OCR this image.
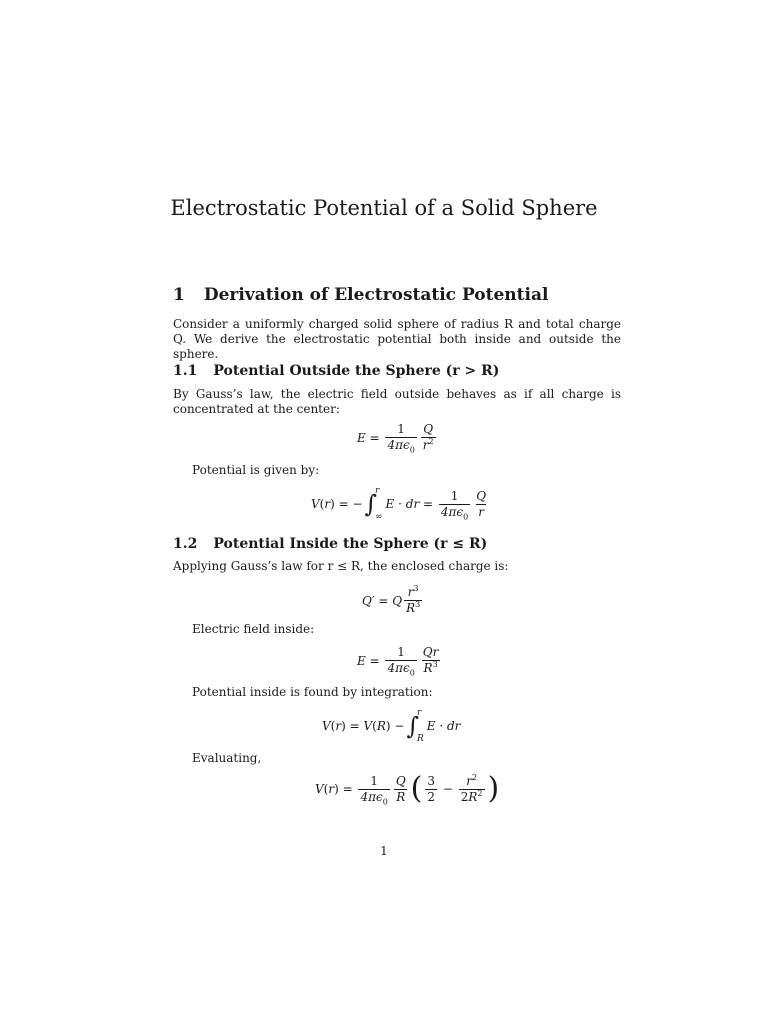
Electrostatic Potential of a Solid Sphere
1 Derivation of Electrostatic Potential
Consider a uniformly charged solid sphere of radius R and total charge Q. We derive the electrostatic potential both inside and outside the sphere.
1.1 Potential Outside the Sphere (r > R)
By Gauss’s law, the electric field outside behaves as if all charge is concentrated at the center:
$E = \frac{1}{4\pi\epsilon_0} \frac{Q}{r^2}$
Potential is given by:
V ( r ) = − ∫
r
∞
E · dr = $\frac{1}{4\pi\epsilon_0} \frac{Q}{r}$
1.2 Potential Inside the Sphere (r ≤ R)
Applying Gauss’s law for r ≤ R, the enclosed charge is:
Q ′ = Q $\frac{r^3}{R^3}$
Electric field inside:
$E = \frac{1}{4\pi\epsilon_0} \frac{Qr}{R^3}$
Potential inside is found by integration:
V ( r ) = V ( R ) − ∫
r
R
E · dr
Evaluating,
V ( r ) = $\frac{1}{4\pi\epsilon_0} \frac{Q}{R}$ ( $\frac{3}{2} - \frac{r^2}{2R^2}$ )
1
